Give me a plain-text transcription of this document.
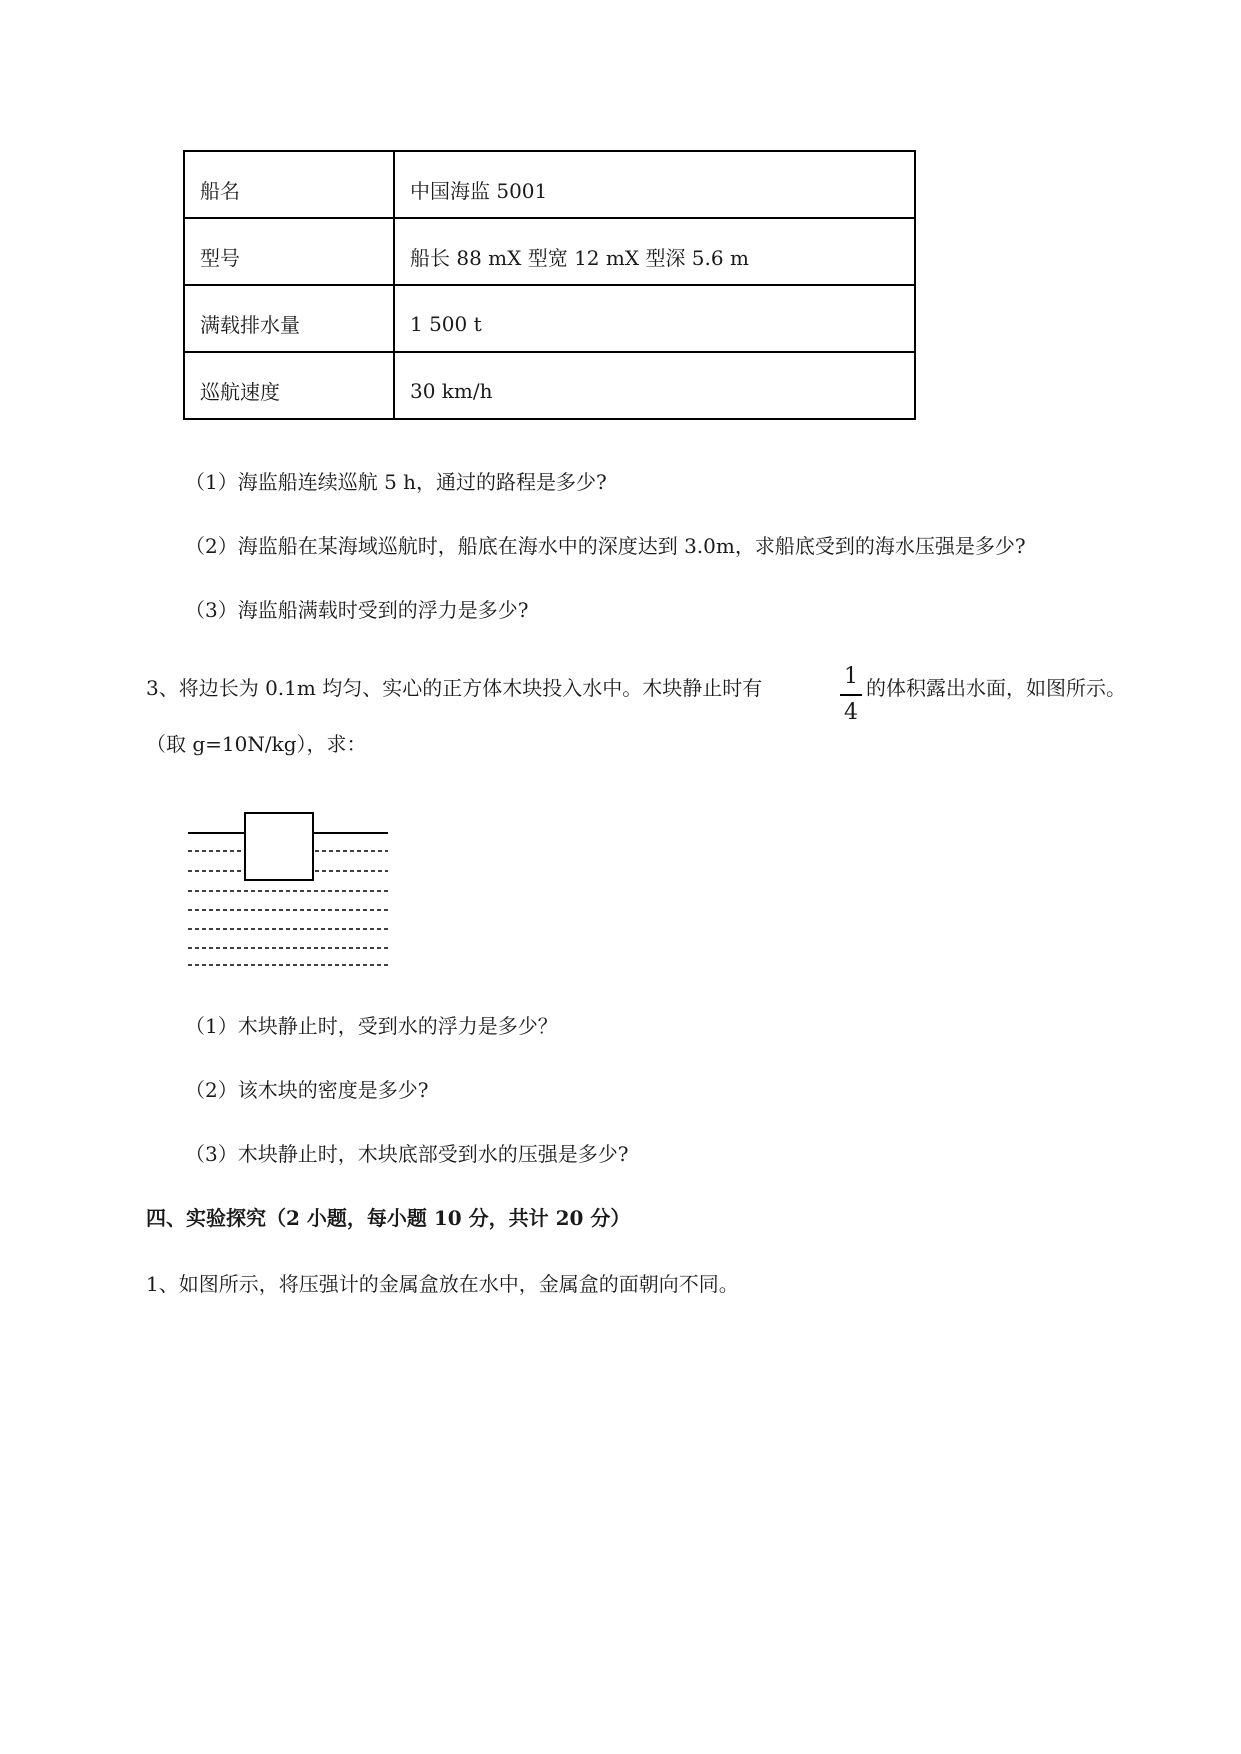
船名	中国海监 5001
型号	船长 88 mX 型宽 12 mX 型深 5.6 m
满载排水量	1 500 t
巡航速度	30 km/h
（1）海监船连续巡航 5 h，通过的路程是多少?
（2）海监船在某海域巡航时，船底在海水中的深度达到 3.0m，求船底受到的海水压强是多少?
（3）海监船满载时受到的浮力是多少?
3、将边长为 0.1m 均匀、实心的正方体木块投入水中。木块静止时有	1
4
的体积露出水面，如图所示。
（取 g=10N/kg），求：
（1）木块静止时，受到水的浮力是多少？
（2）该木块的密度是多少?
（3）木块静止时，木块底部受到水的压强是多少?
四、实验探究（2 小题，每小题 10 分，共计 20 分）
1、如图所示，将压强计的金属盒放在水中，金属盒的面朝向不同。
